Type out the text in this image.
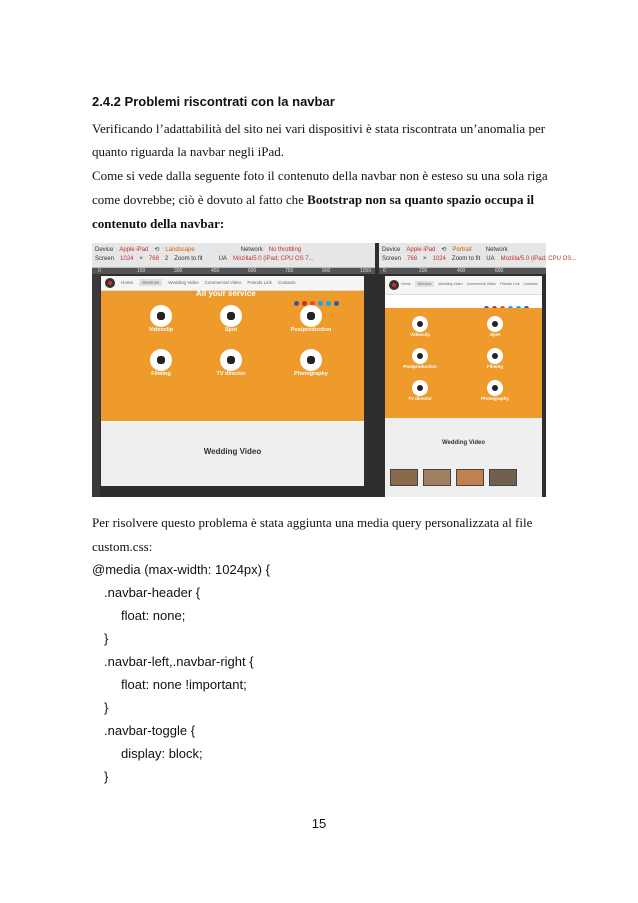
2.4.2 Problemi riscontrati con la navbar
Verificando l’adattabilità del sito nei vari dispositivi è stata riscontrata un’anomalia per
quanto riguarda la navbar negli iPad.
Come si vede dalla seguente foto il contenuto della navbar non è esteso su una sola riga
come dovrebbe; ciò è dovuto al fatto che Bootstrap non sa quanto spazio occupa il
contenuto della navbar:
Device Apple iPad ⟲ Landscape	Network No throttling
Screen 1024 × 768 2 Zoom to fit	UA Mozilla/5.0 (iPad; CPU OS 7...
0	150	300	450	600	750	900	1050
Home Services Wedding Video Commercial Video Friends Link Contacts
All your service
Videoclip	Spot	Postproduction
Filming	TV director	Photography
Wedding Video
Device Apple iPad ⟲ Portrait Network
Screen 768 × 1024 Zoom to fit UA Mozilla/5.0 (iPad; CPU OS...
0	200	400	600
Home Services Wedding Video Commercial Video Friends Link Contacts
Videoclip	Spot
Postproduction	Filming
TV director	Photography
Wedding Video
Per risolvere questo problema è stata aggiunta una media query personalizzata al file
custom.css:
@media (max-width: 1024px) {
.navbar-header {
float: none;
}
.navbar-left,.navbar-right {
float: none !important;
}
.navbar-toggle {
display: block;
}
15
